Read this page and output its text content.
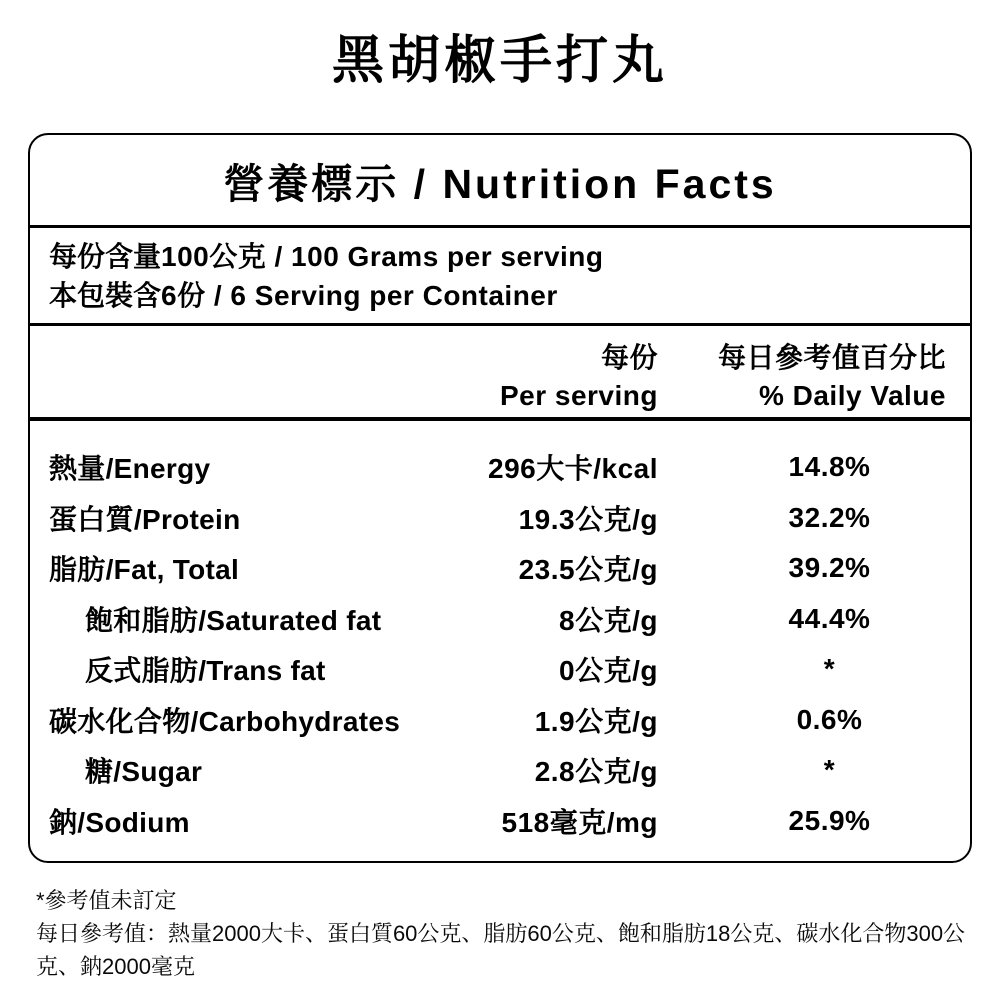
黑胡椒手打丸
營養標示 / Nutrition Facts
每份含量 100公克 / 100 Grams per serving
本包裝含 6份 / 6 Serving per Container
每份	每日參考值百分比
Per serving	% Daily Value
熱量/Energy	296大卡/kcal	14.8%
蛋白質/Protein	19.3公克/g	32.2%
脂肪/Fat, Total	23.5公克/g	39.2%
飽和脂肪/Saturated fat	8公克/g	44.4%
反式脂肪/Trans fat	0公克/g	*
碳水化合物/Carbohydrates	1.9公克/g	0.6%
糖/Sugar	2.8公克/g	*
鈉/Sodium	518毫克/mg	25.9%

*參考值未訂定

每日參考值：熱量2000大卡、蛋白質60公克、脂肪60公克、飽和脂肪18公克、碳水化合物300公克、鈉2000毫克
